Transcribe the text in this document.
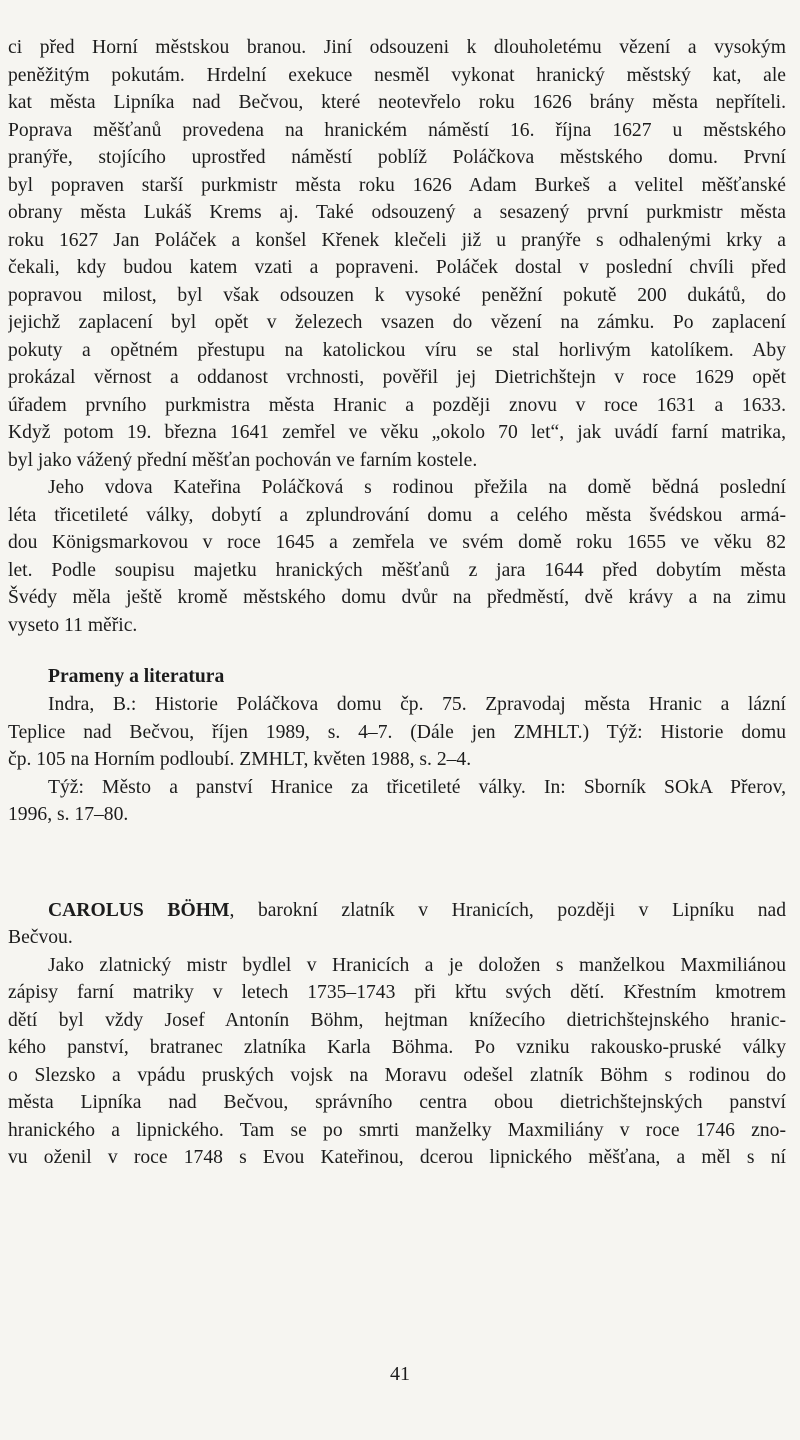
ci před Horní městskou branou. Jiní odsouzeni k dlouholetému vězení a vysokým
peněžitým pokutám. Hrdelní exekuce nesměl vykonat hranický městský kat, ale
kat města Lipníka nad Bečvou, které neotevřelo roku 1626 brány města nepříteli.
Poprava měšťanů provedena na hranickém náměstí 16. října 1627 u městského
pranýře, stojícího uprostřed náměstí poblíž Poláčkova městského domu. První
byl popraven starší purkmistr města roku 1626 Adam Burkeš a velitel měšťanské
obrany města Lukáš Krems aj. Také odsouzený a sesazený první purkmistr města
roku 1627 Jan Poláček a konšel Křenek klečeli již u pranýře s odhalenými krky a
čekali, kdy budou katem vzati a popraveni. Poláček dostal v poslední chvíli před
popravou milost, byl však odsouzen k vysoké peněžní pokutě 200 dukátů, do
jejichž zaplacení byl opět v železech vsazen do vězení na zámku. Po zaplacení
pokuty a opětném přestupu na katolickou víru se stal horlivým katolíkem. Aby
prokázal věrnost a oddanost vrchnosti, pověřil jej Dietrichštejn v roce 1629 opět
úřadem prvního purkmistra města Hranic a později znovu v roce 1631 a 1633.
Když potom 19. března 1641 zemřel ve věku „okolo 70 let“, jak uvádí farní matrika,
byl jako vážený přední měšťan pochován ve farním kostele.
Jeho vdova Kateřina Poláčková s rodinou přežila na domě bědná poslední
léta třicetileté války, dobytí a zplundrování domu a celého města švédskou armá-
dou Königsmarkovou v roce 1645 a zemřela ve svém domě roku 1655 ve věku 82
let. Podle soupisu majetku hranických měšťanů z jara 1644 před dobytím města
Švédy měla ještě kromě městského domu dvůr na předměstí, dvě krávy a na zimu
vyseto 11 měřic.
Prameny a literatura
Indra, B.: Historie Poláčkova domu čp. 75. Zpravodaj města Hranic a lázní
Teplice nad Bečvou, říjen 1989, s. 4–7. (Dále jen ZMHLT.) Týž: Historie domu
čp. 105 na Horním podloubí. ZMHLT, květen 1988, s. 2–4.
Týž: Město a panství Hranice za třicetileté války. In: Sborník SOkA Přerov,
1996, s. 17–80.
CAROLUS BÖHM, barokní zlatník v Hranicích, později v Lipníku nad
Bečvou.
Jako zlatnický mistr bydlel v Hranicích a je doložen s manželkou Maxmiliánou
zápisy farní matriky v letech 1735–1743 při křtu svých dětí. Křestním kmotrem
dětí byl vždy Josef Antonín Böhm, hejtman knížecího dietrichštejnského hranic-
kého panství, bratranec zlatníka Karla Böhma. Po vzniku rakousko-pruské války
o Slezsko a vpádu pruských vojsk na Moravu odešel zlatník Böhm s rodinou do
města Lipníka nad Bečvou, správního centra obou dietrichštejnských panství
hranického a lipnického. Tam se po smrti manželky Maxmiliány v roce 1746 zno-
vu oženil v roce 1748 s Evou Kateřinou, dcerou lipnického měšťana, a měl s ní
41
